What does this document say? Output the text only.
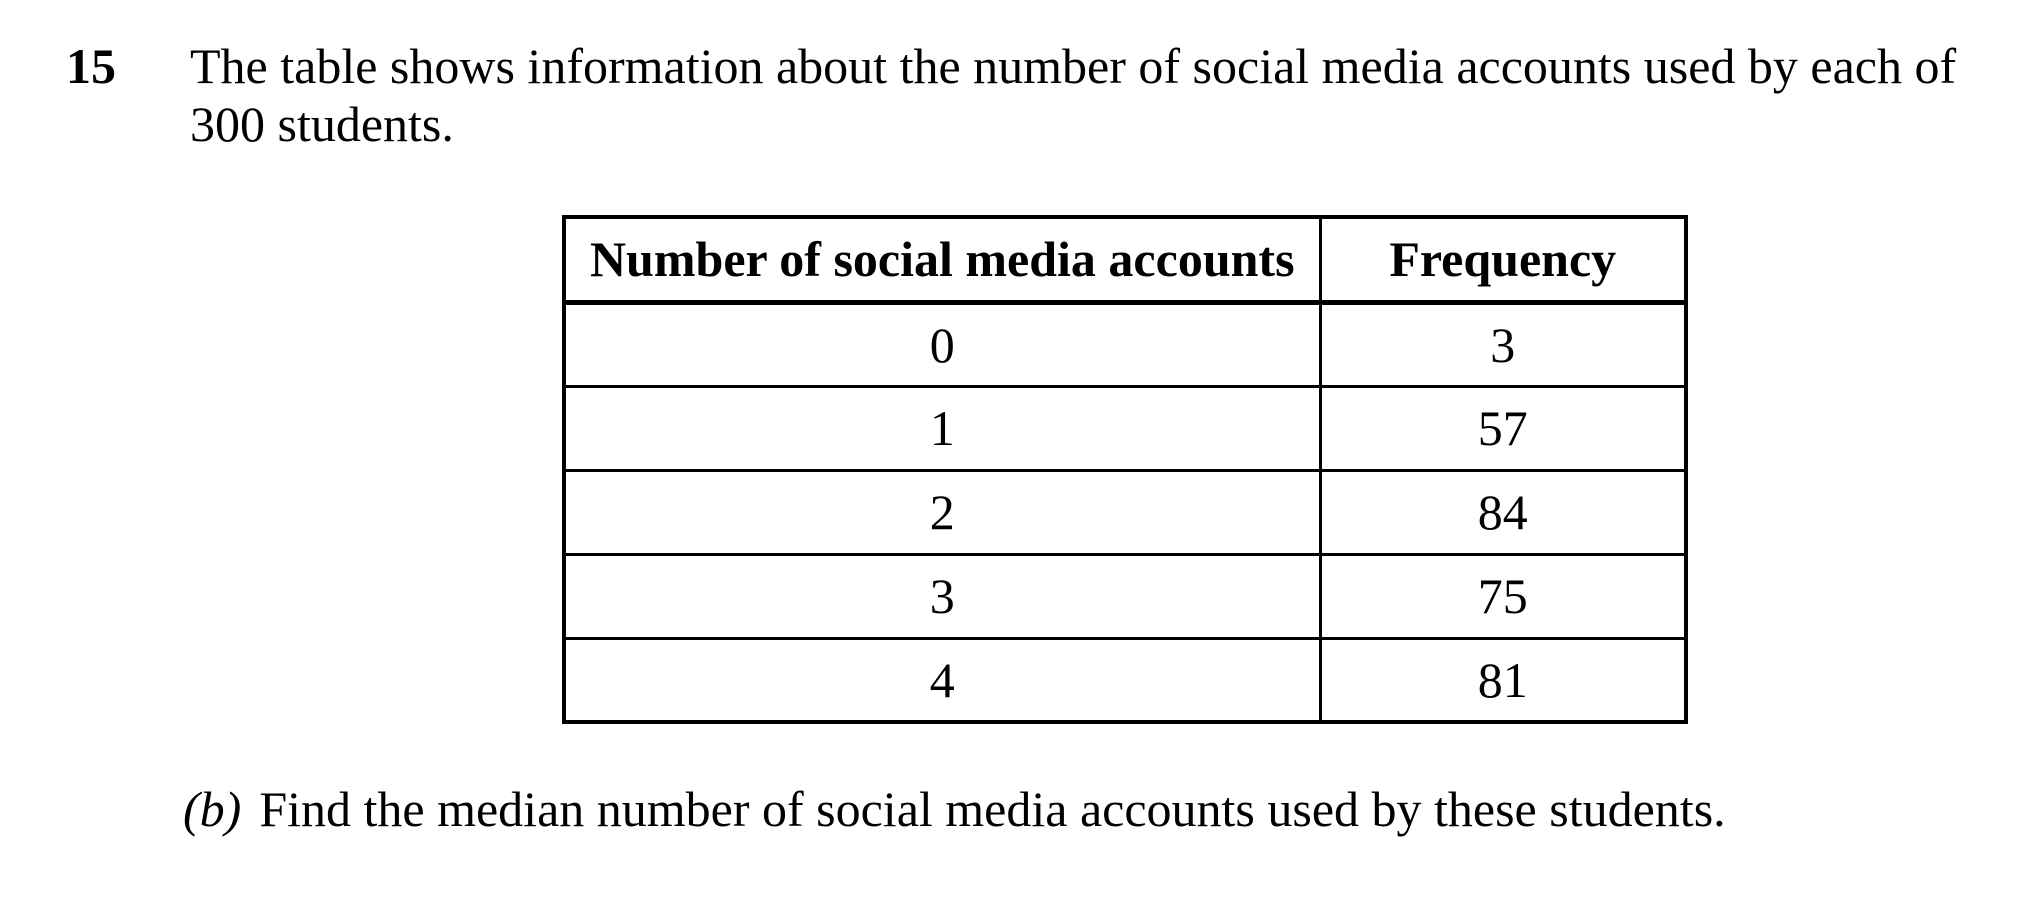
15 The table shows information about the number of social media accounts used by each of
300 students.
Number of social media accounts	Frequency
0	3
1	57
2	84
3	75
4	81
(b) Find the median number of social media accounts used by these students.
